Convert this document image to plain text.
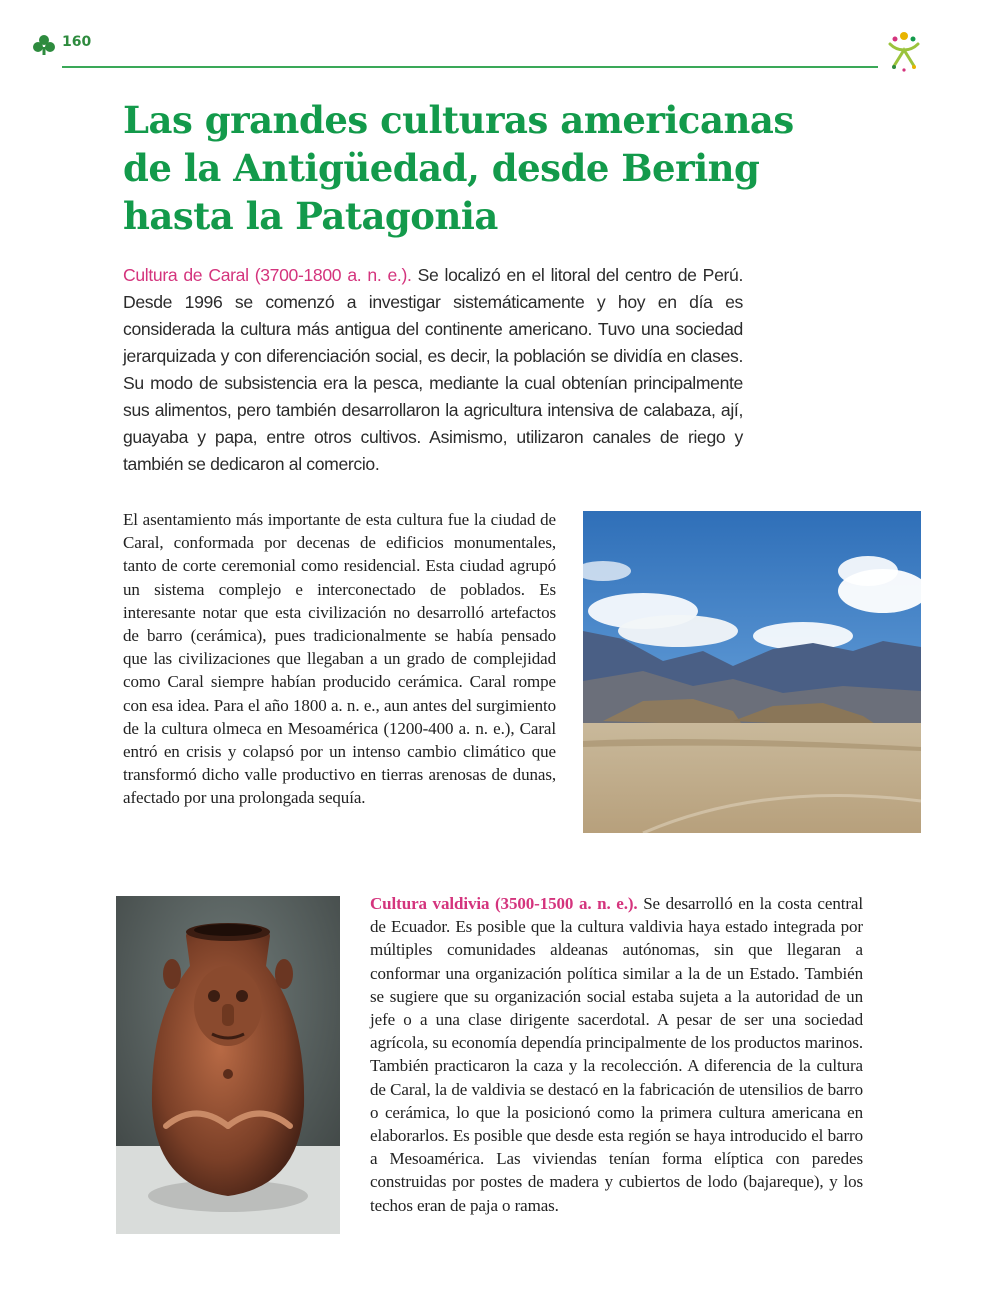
160
Las grandes culturas americanas
de la Antigüedad, desde Bering
hasta la Patagonia

Cultura de Caral (3700-1800 a. n. e.). Se localizó en el litoral del centro de Perú. Desde 1996 se comenzó a investigar sistemáticamente y hoy en día es considerada la cultura más antigua del continente americano. Tuvo una sociedad jerarquizada y con diferenciación social, es decir, la población se dividía en clases. Su modo de subsistencia era la pesca, mediante la cual obtenían principalmente sus alimentos, pero también desarrollaron la agricultura intensiva de calabaza, ají, guayaba y papa, entre otros cultivos. Asimismo, utilizaron canales de riego y también se dedicaron al comercio.

El asentamiento más importante de esta cultura fue la ciudad de Caral, conformada por decenas de edificios monumentales, tanto de corte ceremonial como residencial. Esta ciudad agrupó un sistema complejo e interconectado de poblados. Es interesante notar que esta civilización no desarrolló artefactos de barro (cerámica), pues tradicionalmente se había pensado que las civilizaciones que llegaban a un grado de complejidad como Caral siempre habían producido cerámica. Caral rompe con esa idea. Para el año 1800 a. n. e., aun antes del surgimiento de la cultura olmeca en Mesoamérica (1200-400 a. n. e.), Caral entró en crisis y colapsó por un intenso cambio climático que transformó dicho valle productivo en tierras arenosas de dunas, afectado por una prolongada sequía.

Cultura valdivia (3500-1500 a. n. e.). Se desarrolló en la costa central de Ecuador. Es posible que la cultura valdivia haya estado integrada por múltiples comunidades aldeanas autónomas, sin que llegaran a conformar una organización política similar a la de un Estado. También se sugiere que su organización social estaba sujeta a la autoridad de un jefe o a una clase dirigente sacerdotal. A pesar de ser una sociedad agrícola, su economía dependía principalmente de los productos marinos. También practicaron la caza y la recolección. A diferencia de la cultura de Caral, la de valdivia se destacó en la fabricación de utensilios de barro o cerámica, lo que la posicionó como la primera cultura americana en elaborarlos. Es posible que desde esta región se haya introducido el barro a Mesoamérica. Las viviendas tenían forma elíptica con paredes construidas por postes de madera y cubiertos de lodo (bajareque), y los techos eran de paja o ramas.
